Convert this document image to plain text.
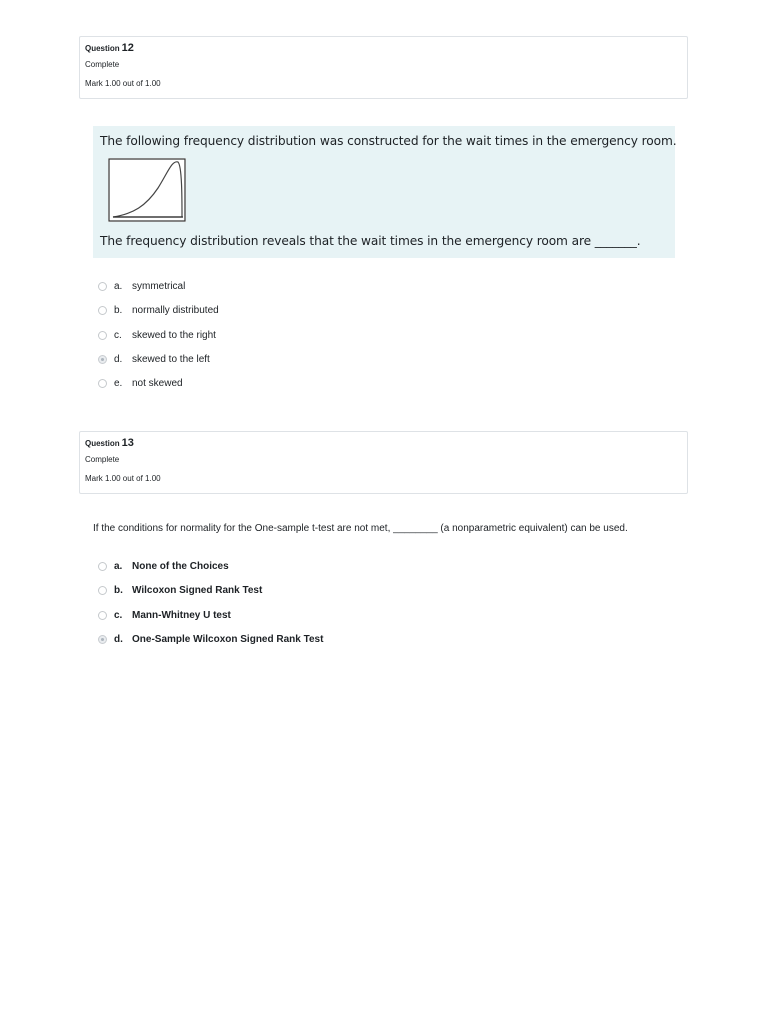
Question 12
Complete
Mark 1.00 out of 1.00

The following frequency distribution was constructed for the wait times in the emergency room.

The frequency distribution reveals that the wait times in the emergency room are _______.

a. symmetrical
b. normally distributed
c.	skewed to the right
d. skewed to the left
e. not skewed
Question 13
Complete
Mark 1.00 out of 1.00
If the conditions for normality for the One-sample t-test are not met, ________ (a nonparametric equivalent) can be used.
a. None of the Choices
b. Wilcoxon Signed Rank Test
c. Mann-Whitney U test
d. One-Sample Wilcoxon Signed Rank Test
